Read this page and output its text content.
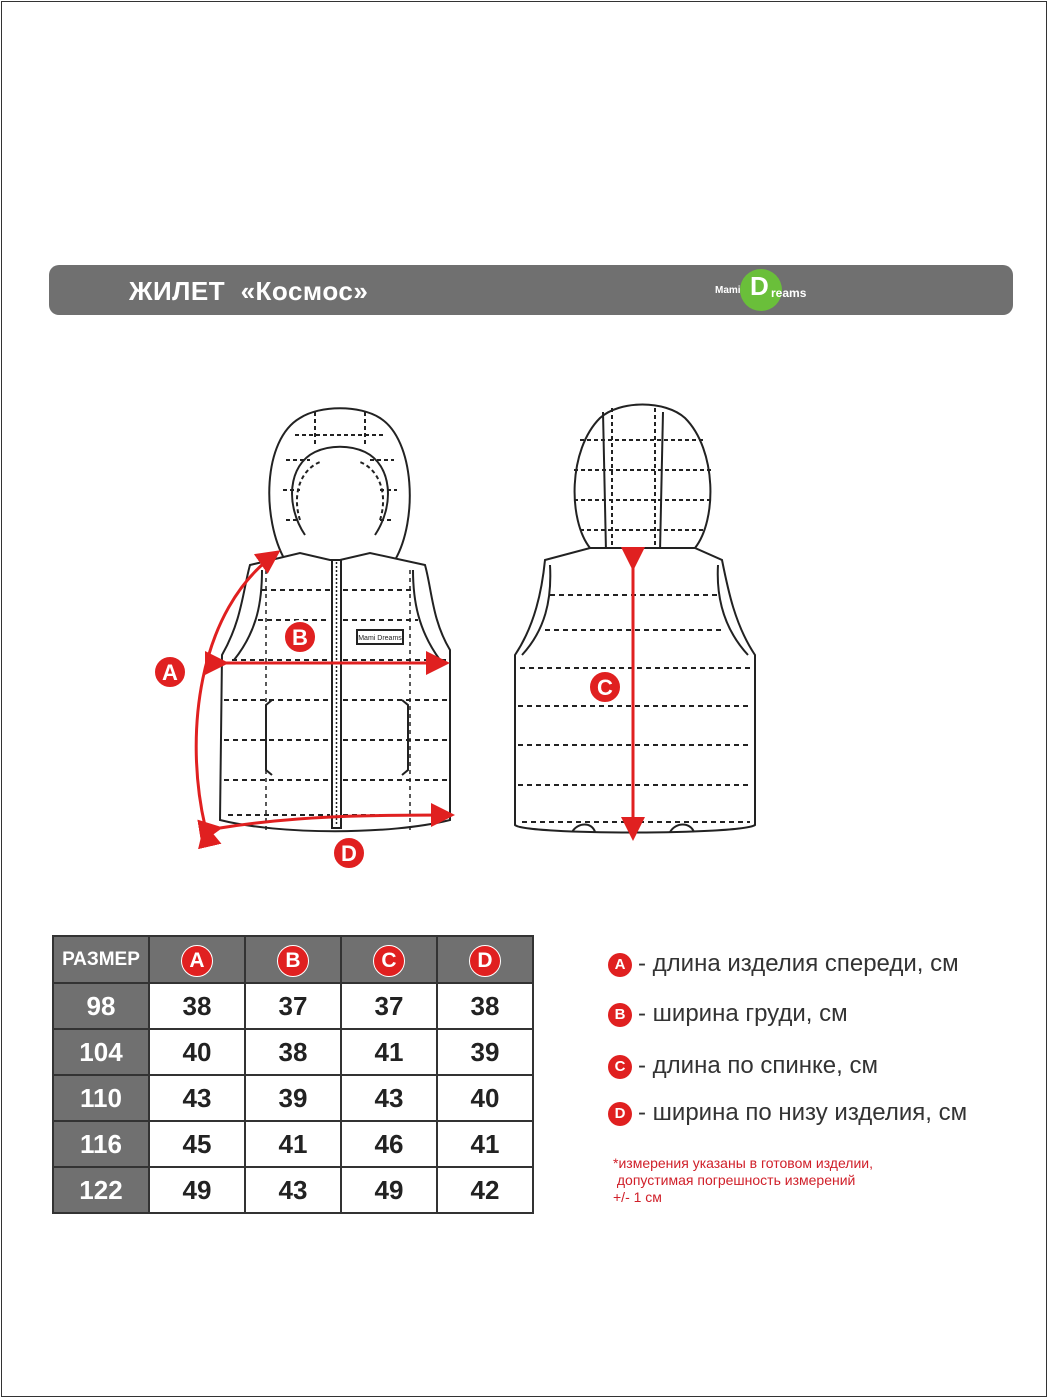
ЖИЛЕТ  «Космос»	Mami D reams
Mami Dreams
A
B
C
D
РАЗМЕР	A	B	C	D
98	38	37	37	38
104	40	38	41	39
110	43	39	43	40
116	45	41	46	41
122	49	43	49	42
A - длина изделия спереди, см
B - ширина груди, см
C - длина по спинке, см
D - ширина по низу изделия, см
*измерения указаны в готовом изделии,
допустимая погрешность измерений
+/- 1 см
